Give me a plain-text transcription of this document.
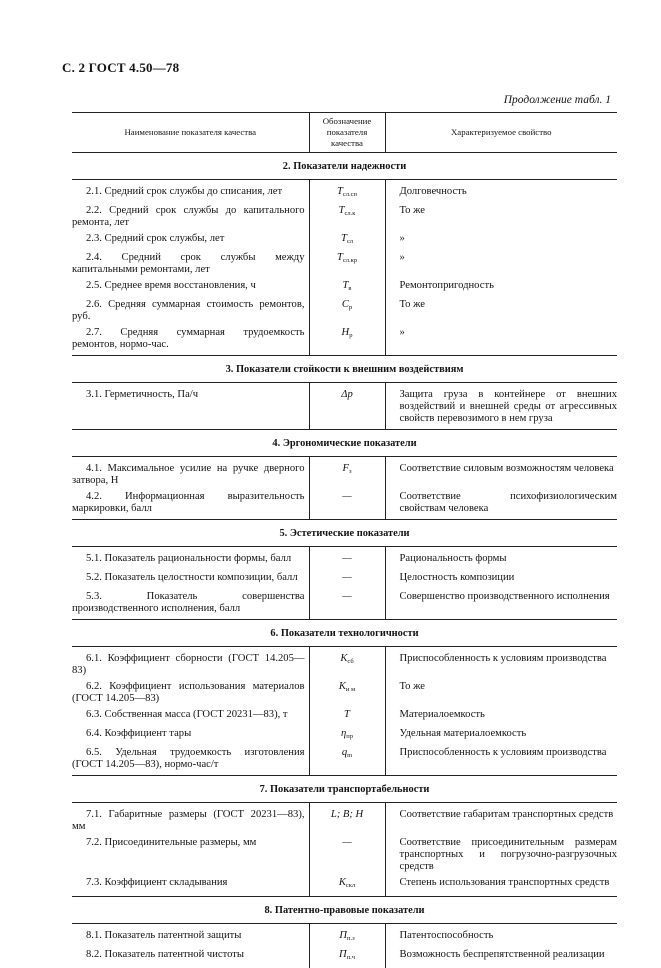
С. 2 ГОСТ 4.50—78
Продолжение табл. 1
Наименование показателя качества	Обозначение показателя качества	Характеризуемое свойство
2. Показатели надежности		
2.1. Средний срок службы до списания, лет	$T_{сл.сп}$	Долговечность
2.2. Средний срок службы до капитального ремонта, лет	$T_{сл.к}$	То же
2.3. Средний срок службы, лет	$T_{сл}$	»
2.4. Средний срок службы между капитальными ремонтами, лет	$T_{сл.кр}$	»
2.5. Среднее время восстановления, ч	$T_в$	Ремонтопригодность
2.6. Средняя суммарная стоимость ремонтов, руб.	$C_р$	То же
2.7. Средняя суммарная трудоемкость ремонтов, нормо-час.	$H_р$	»
3. Показатели стойкости к внешним воздействиям		
3.1. Герметичность, Па/ч	Δp	Защита груза в контейнере от внешних воздействий и внешней среды от агрессивных свойств перевозимого в нем груза
4. Эргономические показатели		
4.1. Максимальное усилие на ручке дверного затвора, Н	$F_з$	Соответствие силовым возможностям человека
4.2. Информационная выразительность маркировки, балл	—	Соответствие психофизиологическим свойствам человека
5. Эстетические показатели		
5.1. Показатель рациональности формы, балл	—	Рациональность формы
5.2. Показатель целостности композиции, балл	—	Целостность композиции
5.3. Показатель совершенства производственного исполнения, балл	—	Совершенство производственного исполнения
6. Показатели технологичности		
6.1. Коэффициент сборности (ГОСТ 14.205—83)	$K_{сб}$	Приспособленность к условиям производства
6.2. Коэффициент использования материалов (ГОСТ 14.205—83)	$K_{и м}$	То же
6.3. Собственная масса (ГОСТ 20231—83), т	T	Материалоемкость
6.4. Коэффициент тары	$\eta_{пр}$	Удельная материалоемкость
6.5. Удельная трудоемкость изготовления (ГОСТ 14.205—83), нормо-час/т	$q_m$	Приспособленность к условиям производства
7. Показатели транспортабельности		
7.1. Габаритные размеры (ГОСТ 20231—83), мм	L; B; H	Соответствие габаритам транспортных средств
7.2. Присоединительные размеры, мм	—	Соответствие присоединительным размерам транспортных и погрузочно-разгрузочных средств
7.3. Коэффициент складывания	$K_{скл}$	Степень использования транспортных средств
8. Патентно-правовые показатели		
8.1. Показатель патентной защиты	$П_{п.з}$	Патентоспособность
8.2. Показатель патентной чистоты	$П_{п.ч}$	Возможность беспрепятственной реализации
